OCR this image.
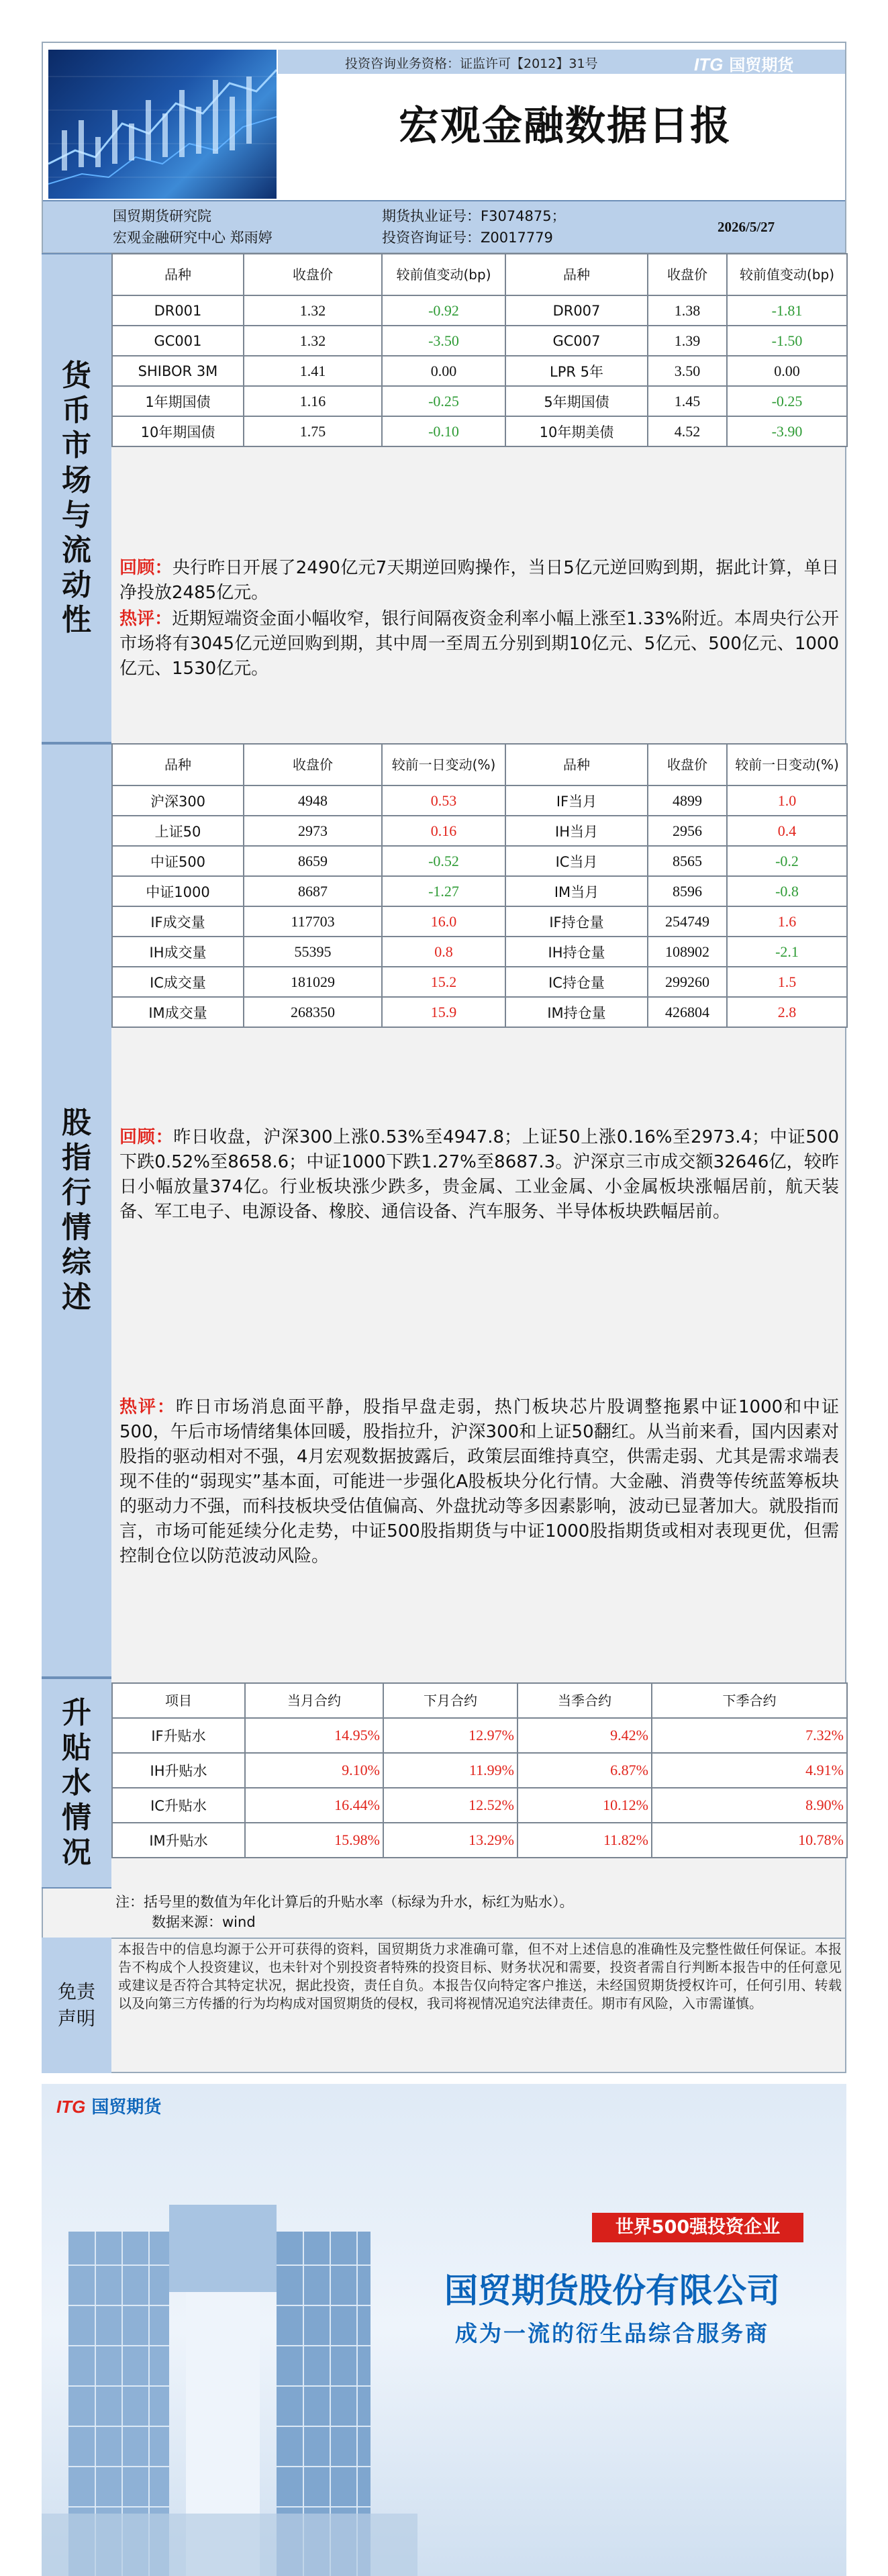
投资咨询业务资格：证监许可【2012】31号	ITG 国贸期货
宏观金融数据日报
国贸期货研究院
宏观金融研究中心 郑雨婷
期货执业证号：F3074875；
投资咨询证号：Z0017779
2026/5/27
货币市场与流动性
品种	收盘价	较前值变动(bp)	品种	收盘价	较前值变动(bp)
DR001	1.32	-0.92	DR007	1.38	-1.81
GC001	1.32	-3.50	GC007	1.39	-1.50
SHIBOR 3M	1.41	0.00	LPR 5年	3.50	0.00
1年期国债	1.16	-0.25	5年期国债	1.45	-0.25
10年期国债	1.75	-0.10	10年期美债	4.52	-3.90
回顾：央行昨日开展了2490亿元7天期逆回购操作，当日5亿元逆回购到期，据此计算，单日净投放2485亿元。
热评：近期短端资金面小幅收窄，银行间隔夜资金利率小幅上涨至1.33%附近。本周央行公开市场将有3045亿元逆回购到期，其中周一至周五分别到期10亿元、5亿元、500亿元、1000亿元、1530亿元。
股指行情综述
品种	收盘价	较前一日变动(%)	品种	收盘价	较前一日变动(%)
沪深300	4948	0.53	IF当月	4899	1.0
上证50	2973	0.16	IH当月	2956	0.4
中证500	8659	-0.52	IC当月	8565	-0.2
中证1000	8687	-1.27	IM当月	8596	-0.8
IF成交量	117703	16.0	IF持仓量	254749	1.6
IH成交量	55395	0.8	IH持仓量	108902	-2.1
IC成交量	181029	15.2	IC持仓量	299260	1.5
IM成交量	268350	15.9	IM持仓量	426804	2.8
回顾：昨日收盘，沪深300上涨0.53%至4947.8；上证50上涨0.16%至2973.4；中证500下跌0.52%至8658.6；中证1000下跌1.27%至8687.3。沪深京三市成交额32646亿，较昨日小幅放量374亿。行业板块涨少跌多，贵金属、工业金属、小金属板块涨幅居前，航天装备、军工电子、电源设备、橡胶、通信设备、汽车服务、半导体板块跌幅居前。
热评：昨日市场消息面平静，股指早盘走弱，热门板块芯片股调整拖累中证1000和中证500，午后市场情绪集体回暖，股指拉升，沪深300和上证50翻红。从当前来看，国内因素对股指的驱动相对不强，4月宏观数据披露后，政策层面维持真空，供需走弱、尤其是需求端表现不佳的“弱现实”基本面，可能进一步强化A股板块分化行情。大金融、消费等传统蓝筹板块的驱动力不强，而科技板块受估值偏高、外盘扰动等多因素影响，波动已显著加大。就股指而言，市场可能延续分化走势，中证500股指期货与中证1000股指期货或相对表现更优，但需控制仓位以防范波动风险。
升贴水情况
项目	当月合约	下月合约	当季合约	下季合约
IF升贴水	14.95%	12.97%	9.42%	7.32%
IH升贴水	9.10%	11.99%	6.87%	4.91%
IC升贴水	16.44%	12.52%	10.12%	8.90%
IM升贴水	15.98%	13.29%	11.82%	10.78%
注：括号里的数值为年化计算后的升贴水率（标绿为升水，标红为贴水）。
数据来源：wind
免责声明
本报告中的信息均源于公开可获得的资料，国贸期货力求准确可靠，但不对上述信息的准确性及完整性做任何保证。本报告不构成个人投资建议，也未针对个别投资者特殊的投资目标、财务状况和需要，投资者需自行判断本报告中的任何意见或建议是否符合其特定状况，据此投资，责任自负。本报告仅向特定客户推送，未经国贸期货授权许可，任何引用、转载以及向第三方传播的行为均构成对国贸期货的侵权，我司将视情况追究法律责任。期市有风险，入市需谨慎。
ITG 国贸期货
世界500强投资企业
国贸期货股份有限公司
成为一流的衍生品综合服务商
